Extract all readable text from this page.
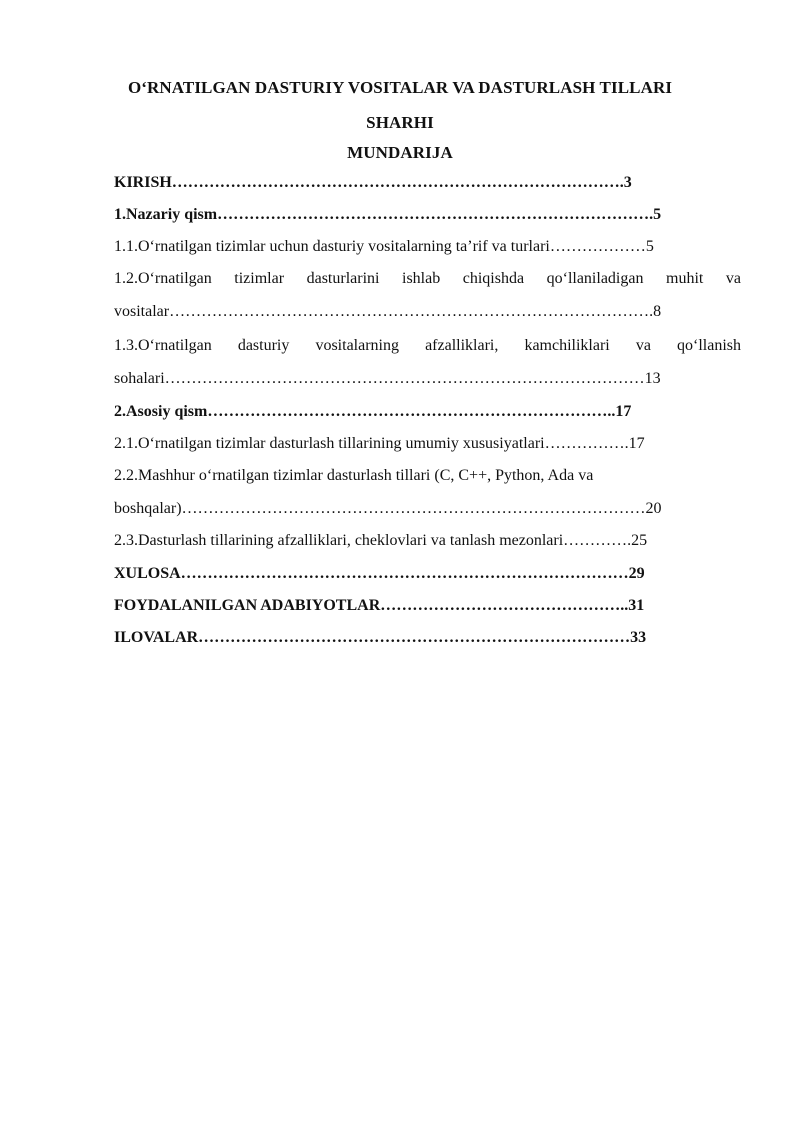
O‘RNATILGAN DASTURIY VOSITALAR VA DASTURLASH TILLARI
SHARHI
MUNDARIJA
KIRISH………………………………………………………………………….3
1.Nazariy qism……………………………………………………………………….5
1.1.O‘rnatilgan tizimlar uchun dasturiy vositalarning ta’rif va turlari………………5
1.2.O‘rnatilgan tizimlar dasturlarini ishlab chiqishda qo‘llaniladigan muhit va
vositalar……………………………………………………………………………….8
1.3.O‘rnatilgan dasturiy vositalarning afzalliklari, kamchiliklari va qo‘llanish
sohalari………………………………………………………………………………13
2.Asosiy qism…………………………………………………………………..17
2.1.O‘rnatilgan tizimlar dasturlash tillarining umumiy xususiyatlari…………….17
2.2.Mashhur o‘rnatilgan tizimlar dasturlash tillari (C, C++, Python, Ada va
boshqalar)……………………………………………………………………………20
2.3.Dasturlash tillarining afzalliklari, cheklovlari va tanlash mezonlari………….25
XULOSA…………………………………………………………………………29
FOYDALANILGAN ADABIYOTLAR………………………………………..31
ILOVALAR………………………………………………………………………33
